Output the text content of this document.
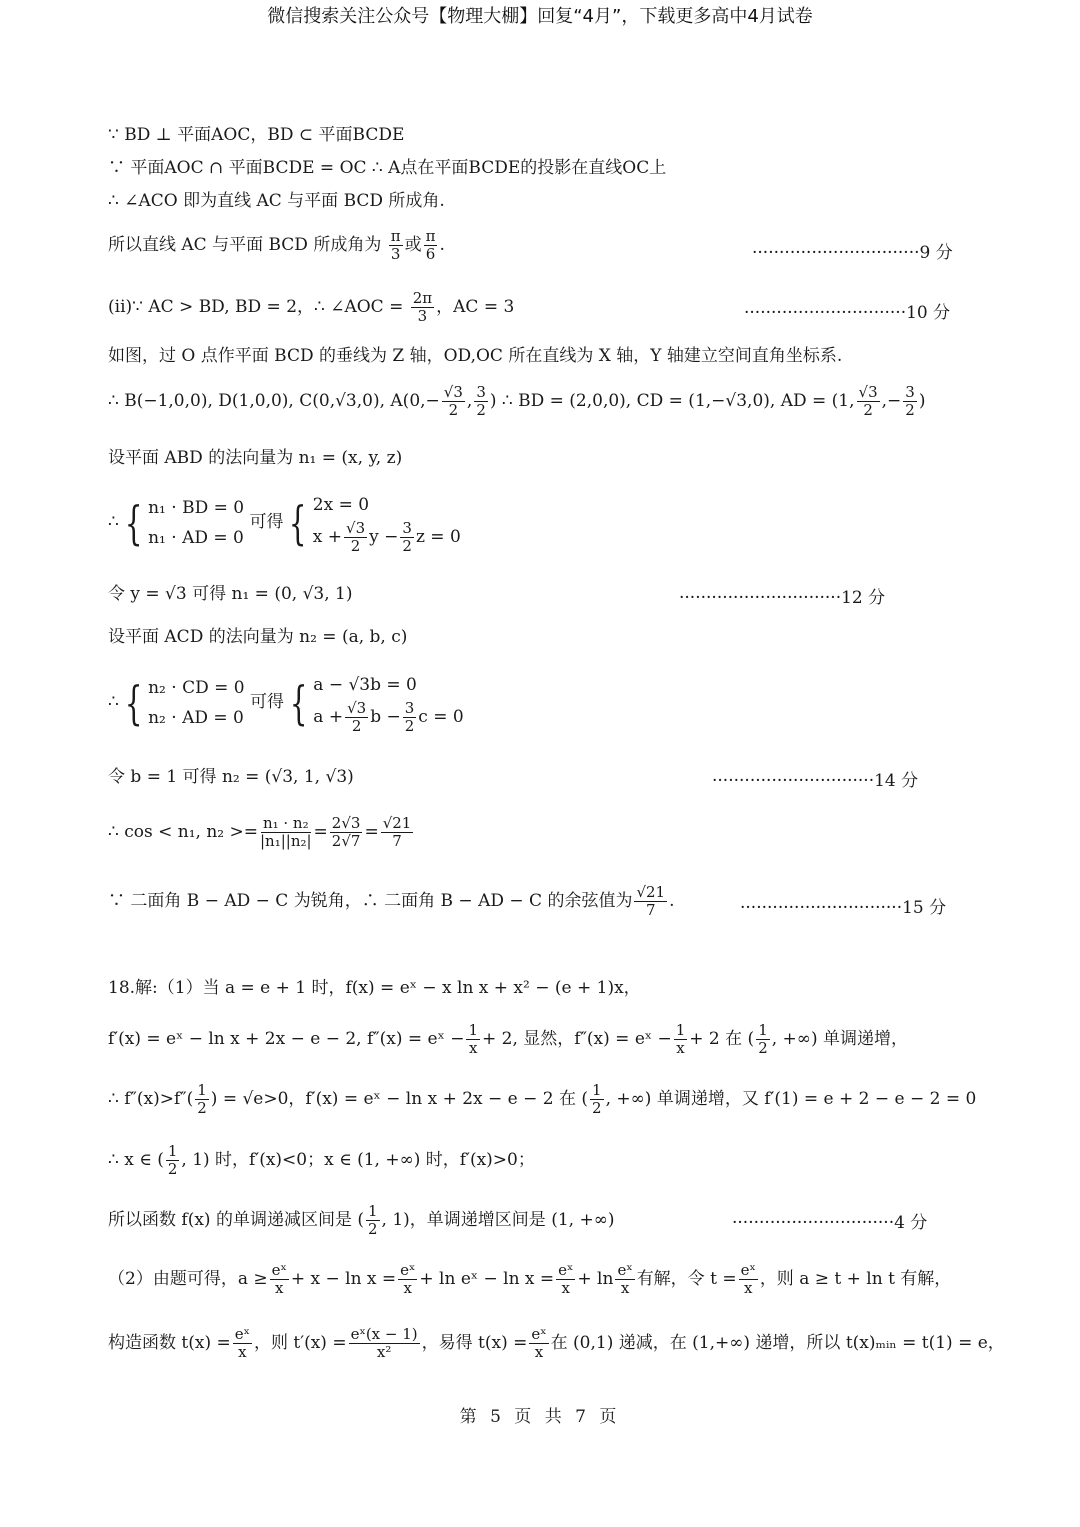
微信搜索关注公众号【物理大棚】回复“4月”，下载更多高中4月试卷
∵ BD ⊥ 平面AOC，BD ⊂ 平面BCDE
∵ 平面AOC ∩ 平面BCDE = OC ∴ A点在平面BCDE的投影在直线OC上
∴ ∠ACO 即为直线 AC 与平面 BCD 所成角.
所以直线 AC 与平面 BCD 所成角为 $\frac{\pi}{3}$ 或 $\frac{\pi}{6}$ .	·······························9 分
(ii)∵ AC > BD, BD = 2，∴ ∠AOC = $\frac{2\pi}{3}$ ，AC = 3	······························10 分
如图，过 O 点作平面 BCD 的垂线为 Z 轴，OD,OC 所在直线为 X 轴，Y 轴建立空间直角坐标系.
∴ B(−1,0,0), D(1,0,0), C(0,√3,0), $A(0,- \frac{√3}{2}$ , $\frac{3}{2}$ ) ∴ BD = (2,0,0), CD = (1,−√3,0), AD = (1, $\frac{√3}{2}$ ,− $\frac{3}{2}$ )
设平面 ABD 的法向量为 n₁ = (x, y, z)
∴ { n₁ · BD = 0
n₁ · AD = 0
可得 { 2x = 0
$x + \frac{√3}{2}$ $y - \frac{3}{2}$ z = 0
令 y = √3 可得 n₁ = (0, √3, 1)	······························12 分
设平面 ACD 的法向量为 n₂ = (a, b, c)
∴ { n₂ · CD = 0
n₂ · AD = 0
可得 { a − √3b = 0
$a + \frac{√3}{2}$ $b - \frac{3}{2}$ c = 0
令 b = 1 可得 n₂ = (√3, 1, √3)	······························14 分
∴ cos < n₁, $n_2 >= \frac{\text{n₁ · n₂}}{\text{|n₁||n₂|}} = \frac{2√3}{2√7} = \frac{√21}{7}$
∵ 二面角 B − AD − C 为锐角，∴ 二面角 B − AD − C 的余弦值为 $\frac{√21}{7}$ .	······························15 分
18.解:（1）当 a = e + 1 时，f(x) = eˣ − x ln x + x² − (e + 1)x，
f′(x) = eˣ − ln x + 2x − e − 2, f″(x) = eˣ − $\frac{1}{x} + 2$, 显然，f″(x) = eˣ − $\frac{1}{x} + 2$ 在 ( $\frac{1}{2}$ , +∞) 单调递增，
∴ $f''(x)>f''( \frac{1}{2}$ ) = √e>0，f′(x) = eˣ − ln x + 2x − e − 2 在 ( $\frac{1}{2}$ , +∞) 单调递增，又 f′(1) = e + 2 − e − 2 = 0
∴ x ∈ ( $\frac{1}{2}$ , 1) 时，f′(x)<0；x ∈ (1, +∞) 时，f′(x)>0；
所以函数 f(x) 的单调递减区间是 ( $\frac{1}{2}$ , 1)，单调递增区间是 (1, +∞)	······························4 分
（2）由题可得，$a \ge \frac{\text{eˣ}}{x} + x - \ln x = \frac{\text{eˣ}}{x} + \ln$ eˣ − $\ln x = \frac{\text{eˣ}}{x} + \ln \frac{\text{eˣ}}{x}$ 有解，令 $t = \frac{\text{eˣ}}{x}$ ，则 a ≥ t + ln t 有解，
构造函数 $t(x) = \frac{\text{eˣ}}{x}$ ，则 $t'(x) = \frac{\text{eˣ(x − 1)}}{\text{x²}}$ ，易得 $t(x) = \frac{\text{eˣ}}{x}$ 在 (0,1) 递减，在 (1,+∞) 递增，所以 t(x)ₘᵢₙ = t(1) = e，
第 5 页 共 7 页
